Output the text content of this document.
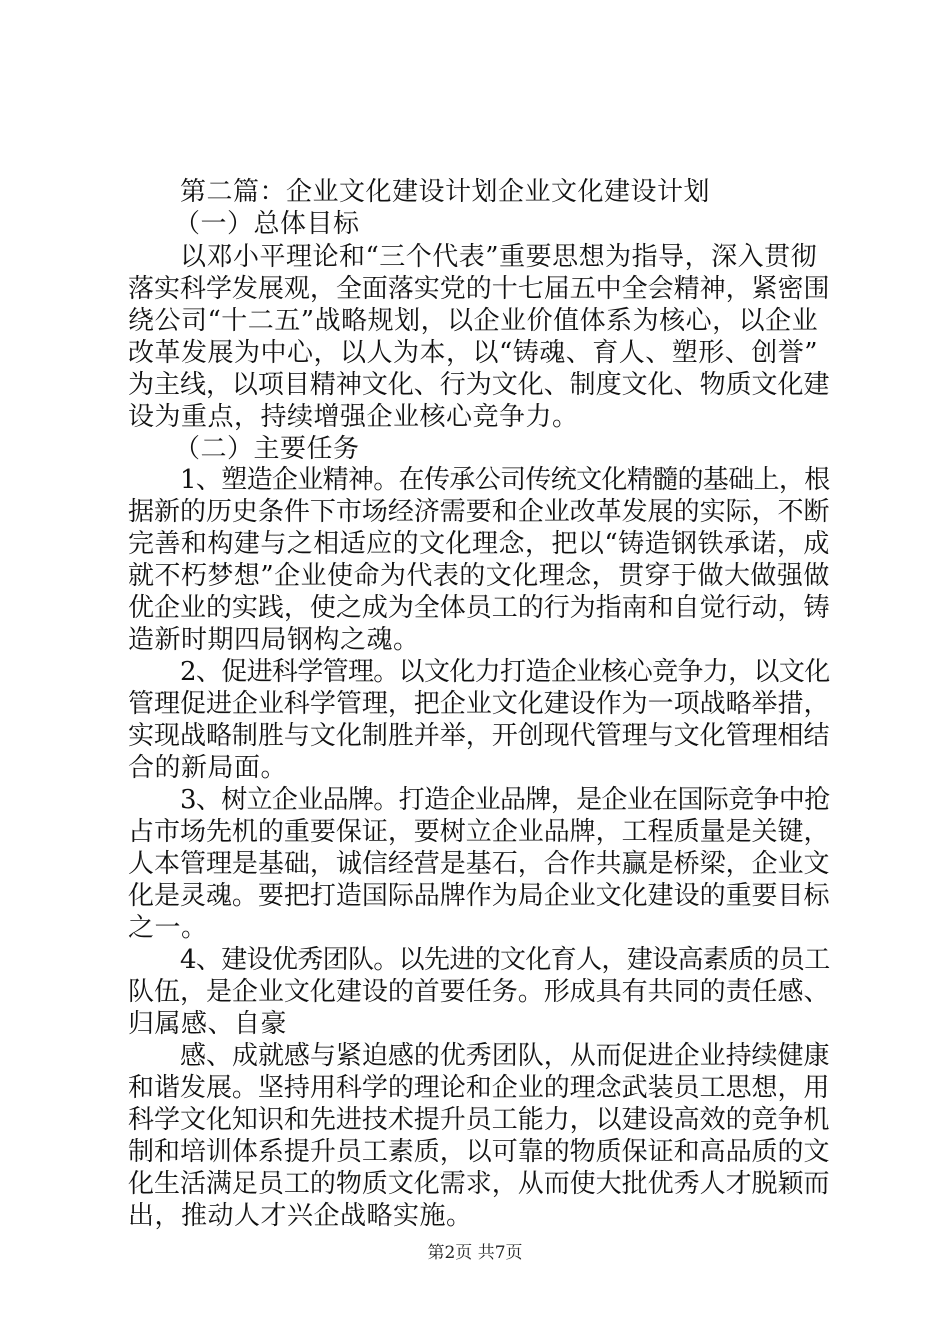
第二篇：企业文化建设计划企业文化建设计划
（一）总体目标
以邓小平理论和“三个代表”重要思想为指导，深入贯彻
落实科学发展观，全面落实党的十七届五中全会精神，紧密围
绕公司“十二五”战略规划，以企业价值体系为核心，以企业
改革发展为中心，以人为本，以“铸魂、育人、塑形、创誉”
为主线，以项目精神文化、行为文化、制度文化、物质文化建
设为重点，持续增强企业核心竞争力。
（二）主要任务
1、塑造企业精神。在传承公司传统文化精髓的基础上，根
据新的历史条件下市场经济需要和企业改革发展的实际，不断
完善和构建与之相适应的文化理念，把以“铸造钢铁承诺，成
就不朽梦想”企业使命为代表的文化理念，贯穿于做大做强做
优企业的实践，使之成为全体员工的行为指南和自觉行动，铸
造新时期四局钢构之魂。
2、促进科学管理。以文化力打造企业核心竞争力，以文化
管理促进企业科学管理，把企业文化建设作为一项战略举措，
实现战略制胜与文化制胜并举，开创现代管理与文化管理相结
合的新局面。
3、树立企业品牌。打造企业品牌，是企业在国际竞争中抢
占市场先机的重要保证，要树立企业品牌，工程质量是关键，
人本管理是基础，诚信经营是基石，合作共赢是桥梁，企业文
化是灵魂。要把打造国际品牌作为局企业文化建设的重要目标
之一。
4、建设优秀团队。以先进的文化育人，建设高素质的员工
队伍，是企业文化建设的首要任务。形成具有共同的责任感、
归属感、自豪
感、成就感与紧迫感的优秀团队，从而促进企业持续健康
和谐发展。坚持用科学的理论和企业的理念武装员工思想，用
科学文化知识和先进技术提升员工能力，以建设高效的竞争机
制和培训体系提升员工素质，以可靠的物质保证和高品质的文
化生活满足员工的物质文化需求，从而使大批优秀人才脱颖而
出，推动人才兴企战略实施。
第2页 共7页
